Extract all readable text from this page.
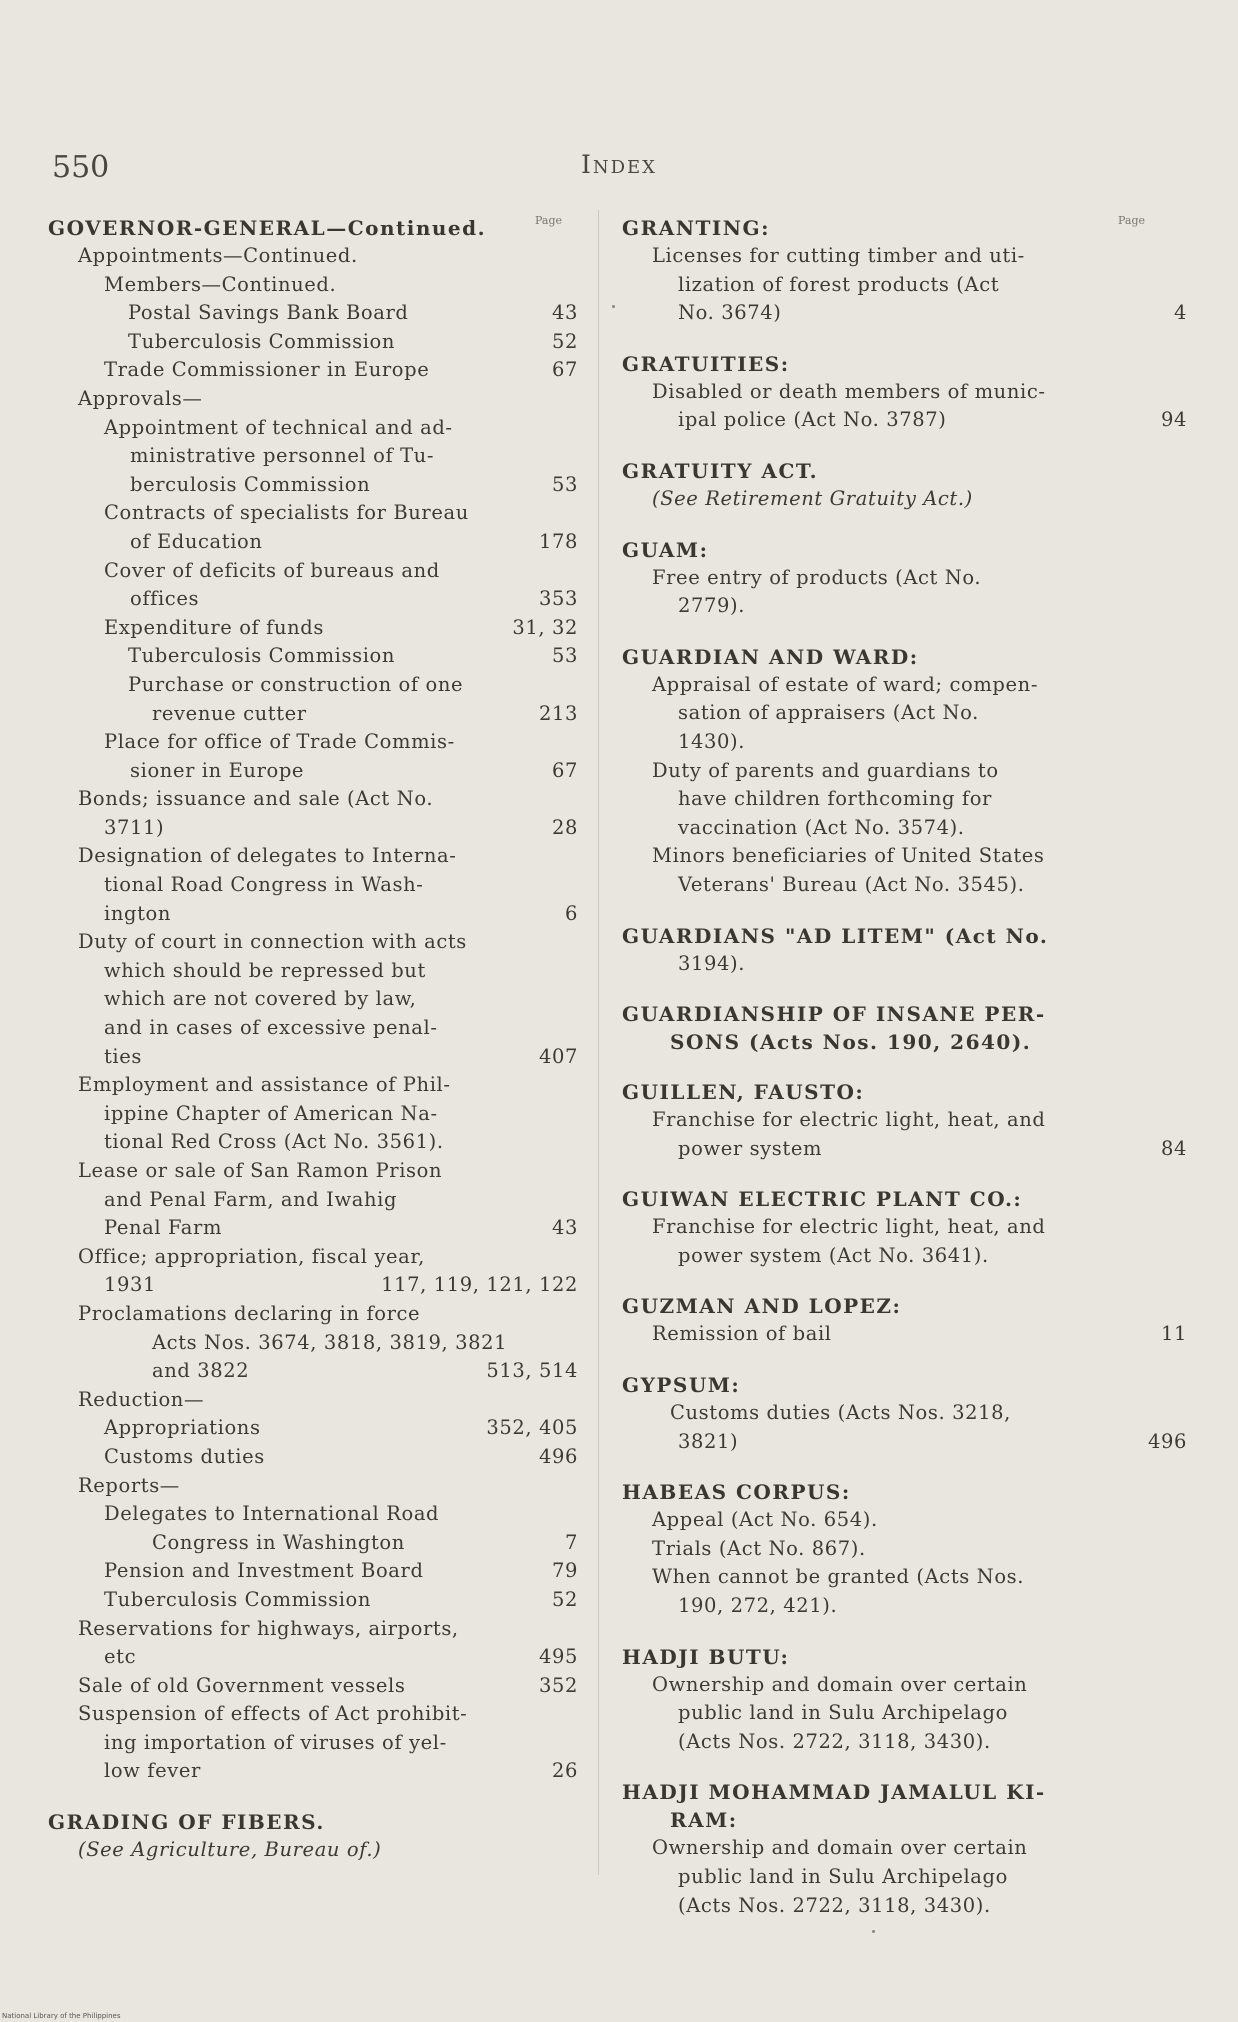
550	Index
Page	Page
GOVERNOR-GENERAL—Continued.
Appointments—Continued.
Members—Continued.
Postal Savings Bank Board	43
Tuberculosis Commission	52
Trade Commissioner in Europe	67
Approvals—
Appointment of technical and ad-
ministrative personnel of Tu-
berculosis Commission	53
Contracts of specialists for Bureau
of Education	178
Cover of deficits of bureaus and
offices	353
Expenditure of funds	31, 32
Tuberculosis Commission	53
Purchase or construction of one
revenue cutter	213
Place for office of Trade Commis-
sioner in Europe	67
Bonds; issuance and sale (Act No.
3711)	28
Designation of delegates to Interna-
tional Road Congress in Wash-
ington	6
Duty of court in connection with acts
which should be repressed but
which are not covered by law,
and in cases of excessive penal-
ties	407
Employment and assistance of Phil-
ippine Chapter of American Na-
tional Red Cross (Act No. 3561).
Lease or sale of San Ramon Prison
and Penal Farm, and Iwahig
Penal Farm	43
Office; appropriation, fiscal year,
1931	117, 119, 121, 122
Proclamations declaring in force
Acts Nos. 3674, 3818, 3819, 3821
and 3822	513, 514
Reduction—
Appropriations	352, 405
Customs duties	496
Reports—
Delegates to International Road
Congress in Washington	7
Pension and Investment Board	79
Tuberculosis Commission	52
Reservations for highways, airports,
etc	495
Sale of old Government vessels	352
Suspension of effects of Act prohibit-
ing importation of viruses of yel-
low fever	26
GRADING OF FIBERS.
(See Agriculture, Bureau of.)
GRANTING:
Licenses for cutting timber and uti-
lization of forest products (Act
No. 3674)	4
GRATUITIES:
Disabled or death members of munic-
ipal police (Act No. 3787)	94
GRATUITY ACT.
(See Retirement Gratuity Act.)
GUAM:
Free entry of products (Act No.
2779).
GUARDIAN AND WARD:
Appraisal of estate of ward; compen-
sation of appraisers (Act No.
1430).
Duty of parents and guardians to
have children forthcoming for
vaccination (Act No. 3574).
Minors beneficiaries of United States
Veterans' Bureau (Act No. 3545).
GUARDIANS "AD LITEM" (Act No.
3194).
GUARDIANSHIP OF INSANE PER-
SONS (Acts Nos. 190, 2640).
GUILLEN, FAUSTO:
Franchise for electric light, heat, and
power system	84
GUIWAN ELECTRIC PLANT CO.:
Franchise for electric light, heat, and
power system (Act No. 3641).
GUZMAN AND LOPEZ:
Remission of bail	11
GYPSUM:
Customs duties (Acts Nos. 3218,
3821)	496
HABEAS CORPUS:
Appeal (Act No. 654).
Trials (Act No. 867).
When cannot be granted (Acts Nos.
190, 272, 421).
HADJI BUTU:
Ownership and domain over certain
public land in Sulu Archipelago
(Acts Nos. 2722, 3118, 3430).
HADJI MOHAMMAD JAMALUL KI-
RAM:
Ownership and domain over certain
public land in Sulu Archipelago
(Acts Nos. 2722, 3118, 3430).
National Library of the Philippines
